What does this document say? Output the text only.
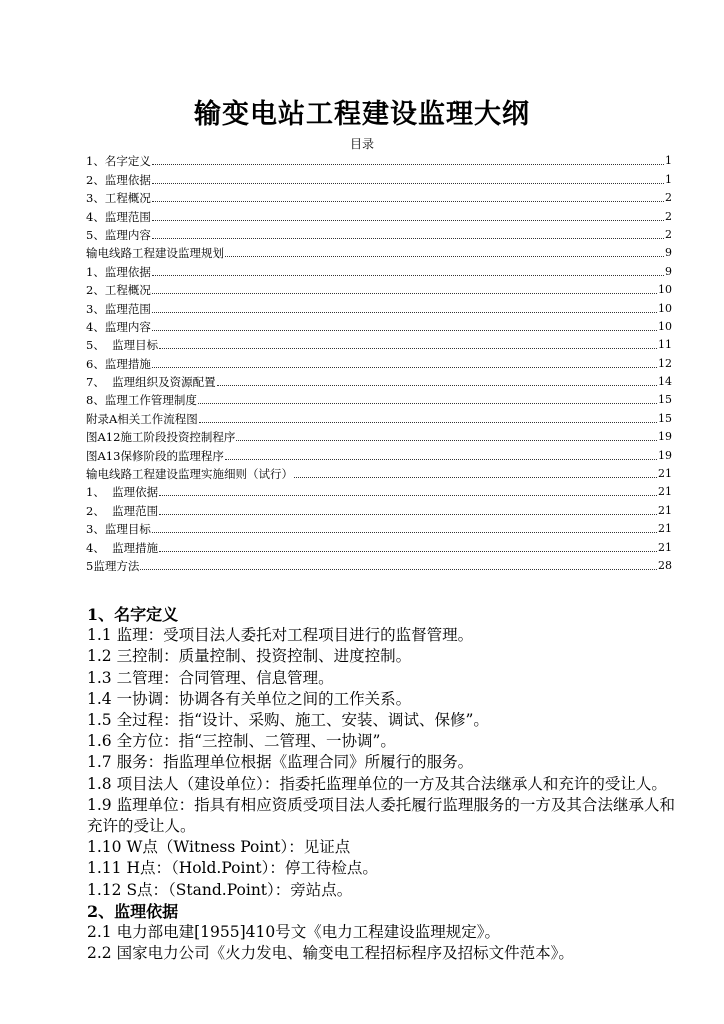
输变电站工程建设监理大纲
目录
1、名字定义	1
2、监理依据	1
3、工程概况	2
4、监理范围	2
5、监理内容	2
输电线路工程建设监理规划	9
1、监理依据	9
2、工程概况	10
3、监理范围	10
4、监理内容	10
5、  监理目标	11
6、监理措施	12
7、  监理组织及资源配置	14
8、监理工作管理制度	15
附录A相关工作流程图	15
图A12施工阶段投资控制程序	19
图A13保修阶段的监理程序	19
输电线路工程建设监理实施细则（试行）	21
1、  监理依据	21
2、  监理范围	21
3、监理目标	21
4、  监理措施	21
5监理方法	28
1、名字定义
1.1 监理：受项目法人委托对工程项目进行的监督管理。
1.2 三控制：质量控制、投资控制、进度控制。
1.3 二管理：合同管理、信息管理。
1.4 一协调：协调各有关单位之间的工作关系。
1.5 全过程：指“设计、采购、施工、安装、调试、保修”。
1.6 全方位：指“三控制、二管理、一协调”。
1.7 服务：指监理单位根据《监理合同》所履行的服务。
1.8 项目法人（建设单位）：指委托监理单位的一方及其合法继承人和充许的受让人。
1.9 监理单位：指具有相应资质受项目法人委托履行监理服务的一方及其合法继承人和充许的受让人。
1.10 W点（Witness Point）：见证点
1.11 H点：（Hold.Point）：停工待检点。
1.12 S点：（Stand.Point）：旁站点。
2、监理依据
2.1 电力部电建[1955]410号文《电力工程建设监理规定》。
2.2 国家电力公司《火力发电、输变电工程招标程序及招标文件范本》。
